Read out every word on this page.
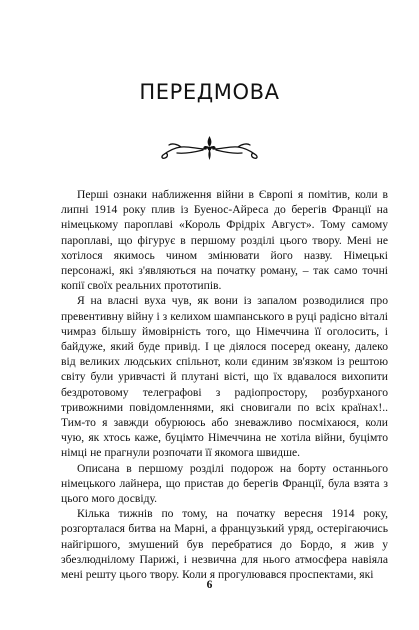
ПЕРЕДМОВА

Перші ознаки наближення війни в Європі я помітив, коли в липні 1914 року плив із Буенос-Айреса до берегів Франції на німецькому пароплаві «Король Фрідріх Август». Тому самому пароплаві, що фігурує в першому розділі цього твору. Мені не хотілося якимось чином змінювати його назву. Німецькі персонажі, які з'являються на початку роману, – так само точні копії своїх реальних прототипів.

Я на власні вуха чув, як вони із запалом розводилися про превентивну війну і з келихом шампанського в руці радісно віталі чимраз більшу ймовірність того, що Німеччина її оголосить, і байдуже, який буде привід. І це діялося посеред океану, далеко від великих людських спільнот, коли єдиним зв'язком із рештою світу були уривчасті й плутані вісті, що їх вдавалося вихопити бездротовому телеграфові з радіопростору, розбурханого тривожними повідомленнями, які сновигали по всіх країнах!.. Тим-то я завжди обурююсь або зневажливо посміхаюся, коли чую, як хтось каже, буцімто Німеччина не хотіла війни, буцімто німці не прагнули розпочати її якомога швидше.

Описана в першому розділі подорож на борту останнього німецького лайнера, що пристав до берегів Франції, була взята з цього мого досвіду.

Кілька тижнів по тому, на початку вересня 1914 року, розгорталася битва на Марні, а французький уряд, остерігаючись найгіршого, змушений був перебратися до Бордо, я жив у збезлюднілому Парижі, і незвична для нього атмосфера навіяла мені решту цього твору. Коли я прогулювався проспектами, які

6
